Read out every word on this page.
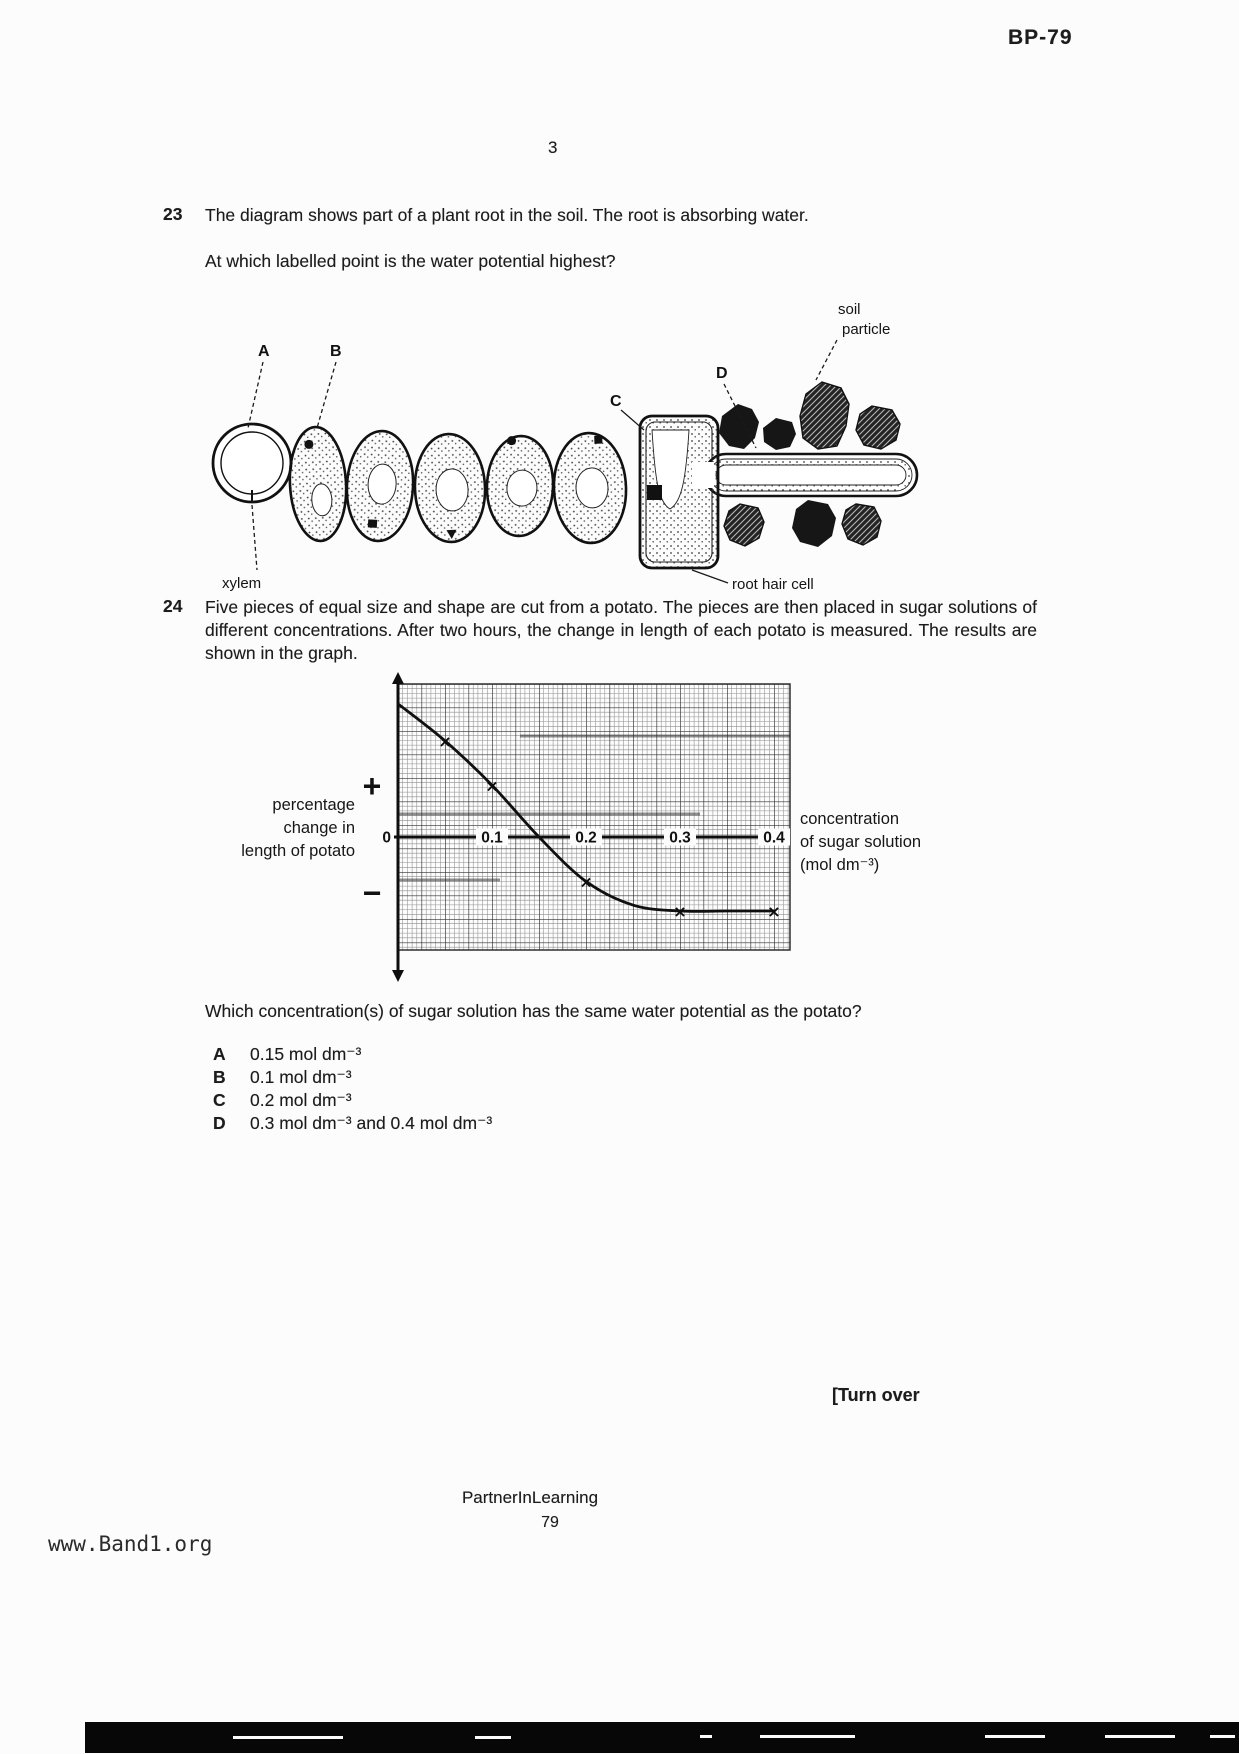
BP-79
3
23 The diagram shows part of a plant root in the soil. The root is absorbing water.
At which labelled point is the water potential highest?
A	B
C
D
soil
particle
xylem	root hair cell
24 Five pieces of equal size and shape are cut from a potato. The pieces are then placed in sugar solutions of different concentrations. After two hours, the change in length of each potato is measured. The results are shown in the graph.
0	0.1	0.2	0.3	0.4
×
×
×
×	×
+
percentage
change in
length of potato
−
concentration
of sugar solution
(mol dm⁻³)
Which concentration(s) of sugar solution has the same water potential as the potato?
A 0.15 mol dm⁻³
B 0.1 mol dm⁻³
C 0.2 mol dm⁻³
D 0.3 mol dm⁻³ and 0.4 mol dm⁻³
[Turn over
PartnerInLearning
79
www.Band1.org
